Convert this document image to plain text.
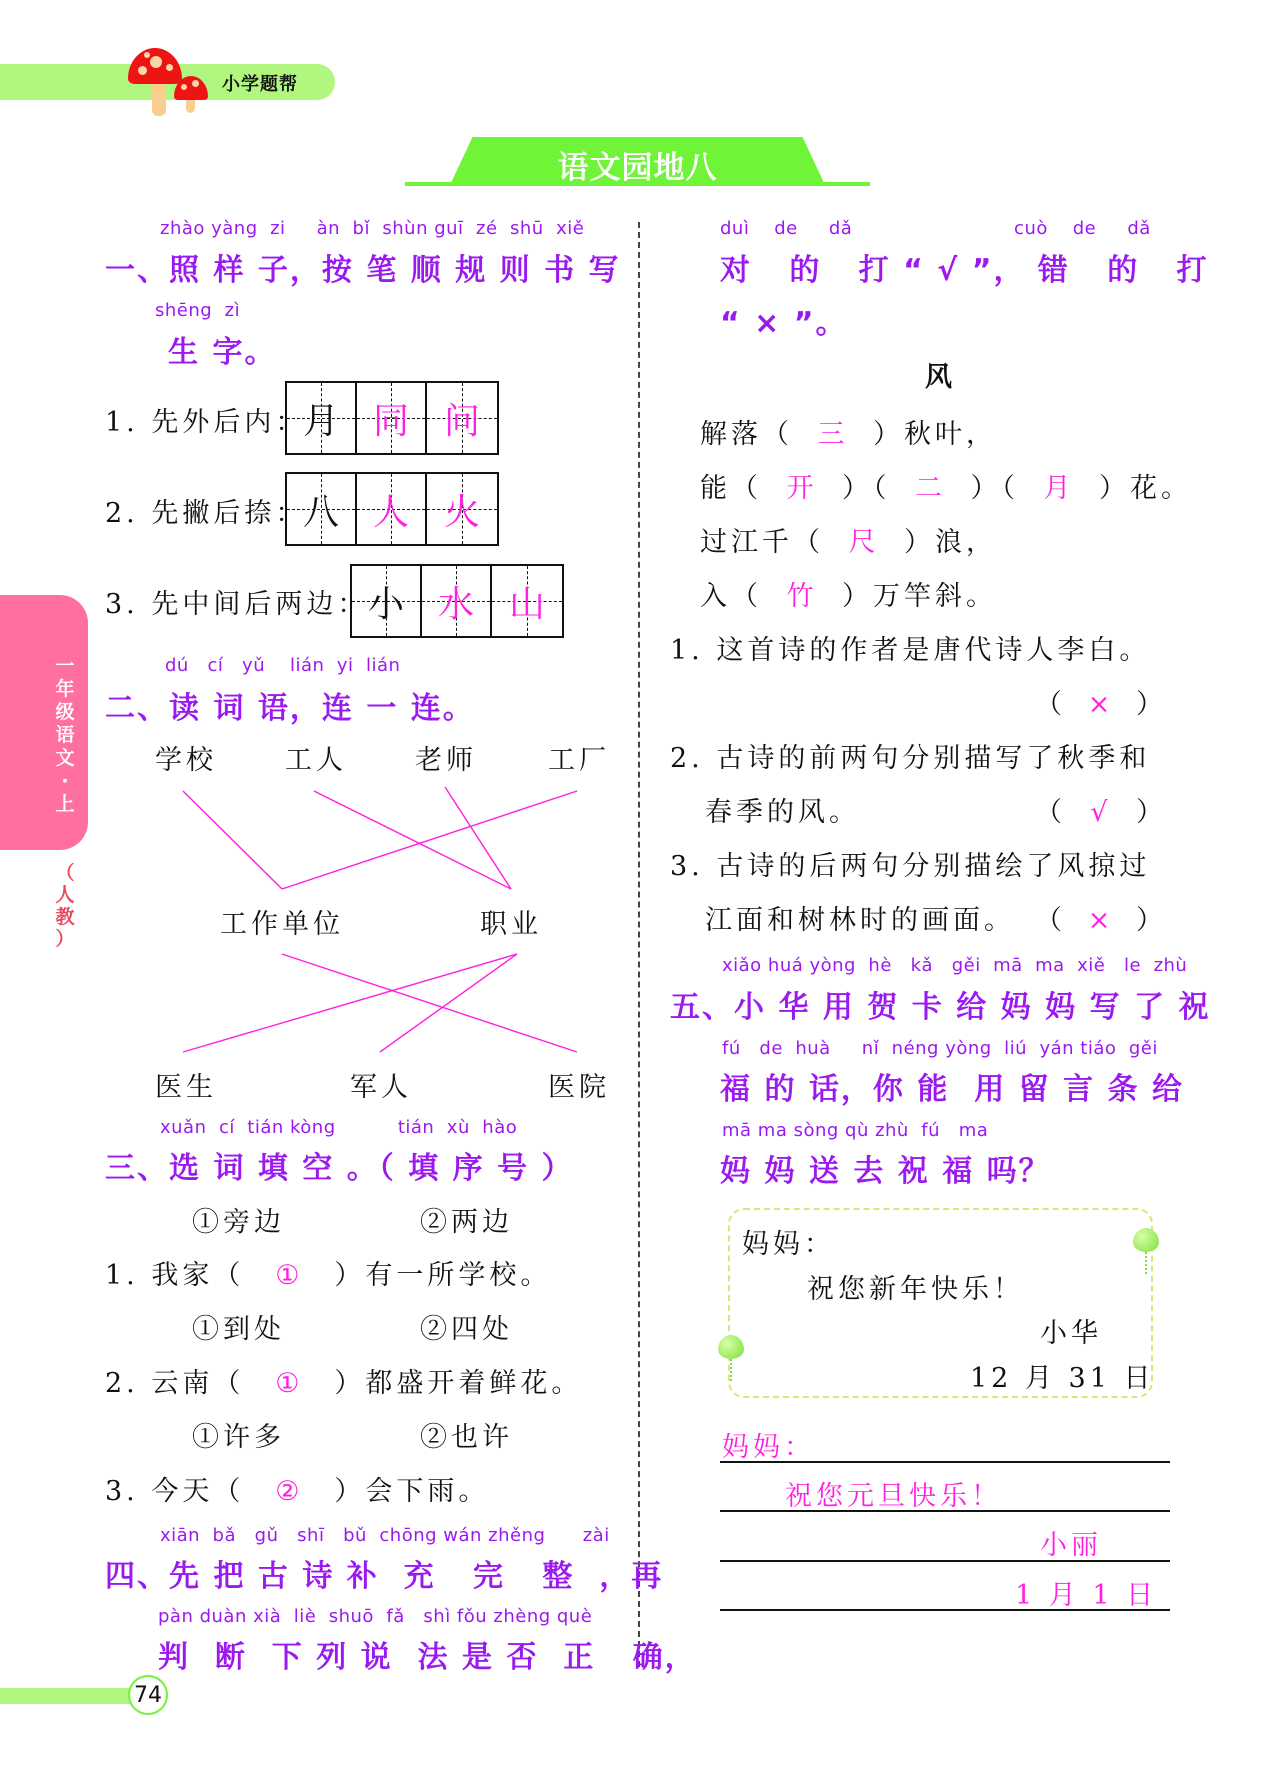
小学题帮
语文园地八
一
年
级
语
文
·
上
（
人
教
）
zhào yàng  zi     àn  bǐ  shùn guī  zé  shū  xiě
一、照 样 子，按 笔 顺 规 则 书 写
shēng  zì
生 字。
1. 先外后内：
月 同 问
2. 先撇后捺：
八 人 火
3. 先中间后两边： 小 水 山
dú   cí   yǔ    lián  yi  lián
二、读 词 语，连 一 连。
学校	工人	老师	工厂
工作单位	职业
医生	军人	医院
xuǎn  cí  tián kòng          tián  xù  hào
三、选 词 填 空 。（ 填 序 号 ）
①旁边	②两边
1. 我家（ ① ）有一所学校。
①到处	②四处
2. 云南（ ① ）都盛开着鲜花。
①许多	②也许
3. 今天（ ② ）会下雨。
xiān  bǎ   gǔ   shī   bǔ  chōng wán zhěng      zài
四、先 把 古 诗 补  充   完   整  ，再
pàn duàn xià  liè  shuō  fǎ   shì fǒu zhèng què
判  断  下 列 说  法 是 否  正   确，
duì    de     dǎ                          cuò    de     dǎ
对   的   打 “ √ ”， 错   的   打
“ × ”。
风
解落（ 三 ）秋叶，
能（ 开 ）（ 二 ）（ 月 ）花。
过江千（ 尺 ）浪，
入（ 竹 ）万竿斜。
1. 这首诗的作者是唐代诗人李白。
（ × ）
2. 古诗的前两句分别描写了秋季和
春季的风。	（ √ ）
3. 古诗的后两句分别描绘了风掠过
江面和树林时的画面。 （ × ）
xiǎo huá yòng  hè   kǎ   gěi  mā  ma  xiě   le  zhù
五、小 华 用 贺 卡 给 妈 妈 写 了 祝
fú   de  huà     nǐ  néng yòng  liú  yán tiáo  gěi
福 的 话，你 能  用 留 言 条 给
mā ma sòng qù zhù  fú   ma
妈 妈 送 去 祝 福 吗？
妈妈：
祝您新年快乐！
小华
12 月 31 日
妈妈：
祝您元旦快乐！
小丽
1 月 1 日
74
